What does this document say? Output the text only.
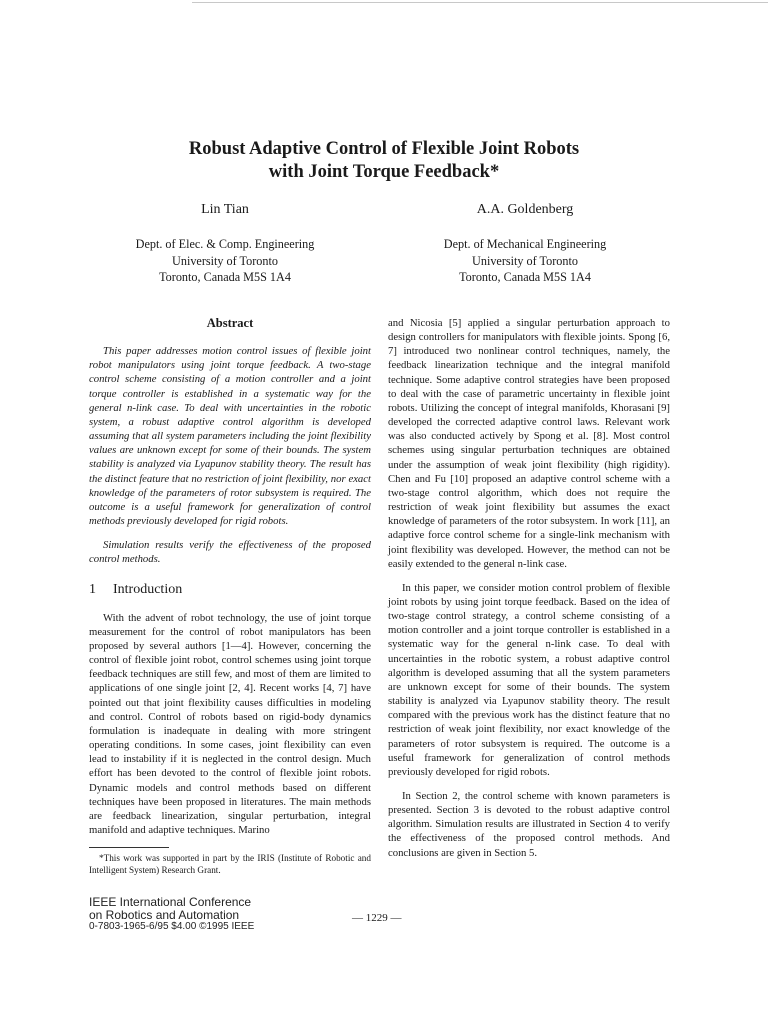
Robust Adaptive Control of Flexible Joint Robots
with Joint Torque Feedback*
Lin Tian	A.A. Goldenberg
Dept. of Elec. & Comp. Engineering
University of Toronto
Toronto, Canada M5S 1A4
Dept. of Mechanical Engineering
University of Toronto
Toronto, Canada M5S 1A4
Abstract

This paper addresses motion control issues of flexible joint robot manipulators using joint torque feedback. A two-stage control scheme consisting of a motion controller and a joint torque controller is established in a systematic way for the general n-link case. To deal with uncertainties in the robotic system, a robust adaptive control algorithm is developed assuming that all system parameters including the joint flexibility values are unknown except for some of their bounds. The system stability is analyzed via Lyapunov stability theory. The result has the distinct feature that no restriction of joint flexibility, nor exact knowledge of the parameters of rotor subsystem is required. The outcome is a useful framework for generalization of control methods previously developed for rigid robots.

Simulation results verify the effectiveness of the proposed control methods.

1 Introduction

With the advent of robot technology, the use of joint torque measurement for the control of robot manipulators has been proposed by several authors [1—4]. However, concerning the control of flexible joint robot, control schemes using joint torque feedback techniques are still few, and most of them are limited to applications of one single joint [2, 4]. Recent works [4, 7] have pointed out that joint flexibility causes difficulties in modeling and control. Control of robots based on rigid-body dynamics formulation is inadequate in dealing with more stringent operating conditions. In some cases, joint flexibility can even lead to instability if it is neglected in the control design. Much effort has been devoted to the control of flexible joint robots. Dynamic models and control methods based on different techniques have been proposed in literatures. The main methods are feedback linearization, singular perturbation, integral manifold and adaptive techniques. Marino

*This work was supported in part by the IRIS (Institute of Robotic and Intelligent System) Research Grant.

and Nicosia [5] applied a singular perturbation approach to design controllers for manipulators with flexible joints. Spong [6, 7] introduced two nonlinear control techniques, namely, the feedback linearization technique and the integral manifold technique. Some adaptive control strategies have been proposed to deal with the case of parametric uncertainty in flexible joint robots. Utilizing the concept of integral manifolds, Khorasani [9] developed the corrected adaptive control laws. Relevant work was also conducted actively by Spong et al. [8]. Most control schemes using singular perturbation techniques are obtained under the assumption of weak joint flexibility (high rigidity). Chen and Fu [10] proposed an adaptive control scheme with a two-stage control algorithm, which does not require the restriction of weak joint flexibility but assumes the exact knowledge of parameters of the rotor subsystem. In work [11], an adaptive force control scheme for a single-link mechanism with joint flexibility was developed. However, the method can not be easily extended to the general n-link case.

In this paper, we consider motion control problem of flexible joint robots by using joint torque feedback. Based on the idea of two-stage control strategy, a control scheme consisting of a motion controller and a joint torque controller is established in a systematic way for the general n-link case. To deal with uncertainties in the robotic system, a robust adaptive control algorithm is developed assuming that all the system parameters are unknown except for some of their bounds. The system stability is analyzed via Lyapunov stability theory. The result compared with the previous work has the distinct feature that no restriction of weak joint flexibility, nor exact knowledge of the parameters of rotor subsystem is required. The outcome is a useful framework for generalization of control methods previously developed for rigid robots.

In Section 2, the control scheme with known parameters is presented. Section 3 is devoted to the robust adaptive control algorithm. Simulation results are illustrated in Section 4 to verify the effectiveness of the proposed control methods. And conclusions are given in Section 5.

IEEE International Conference
on Robotics and Automation
0-7803-1965-6/95 $4.00 ©1995 IEEE
— 1229 —
